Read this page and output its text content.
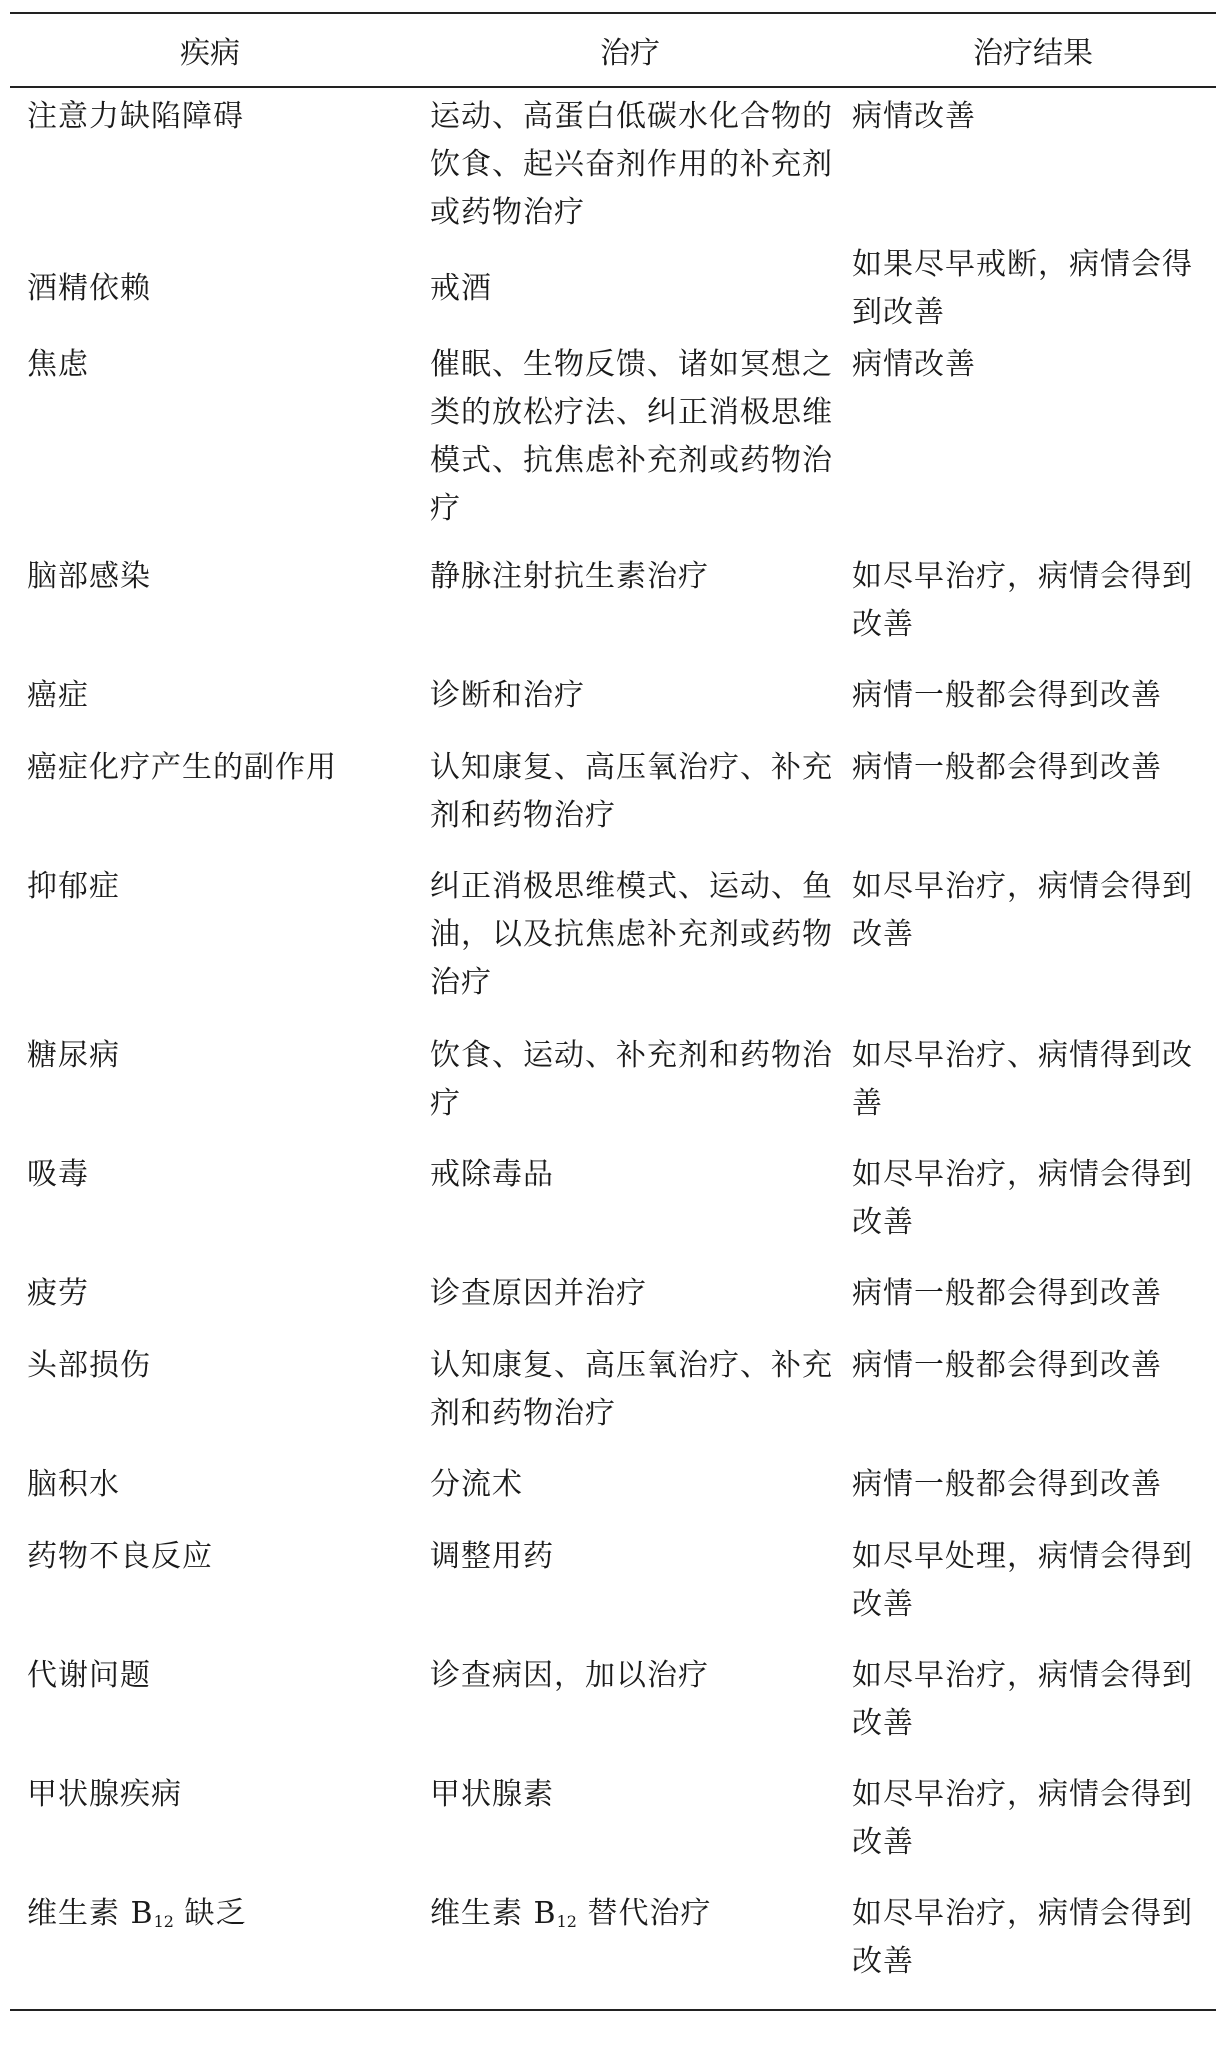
疾病	治疗	治疗结果
注意力缺陷障碍	运动、高蛋白低碳水化合物的饮食、起兴奋剂作用的补充剂或药物治疗	病情改善
酒精依赖	戒酒	如果尽早戒断，病情会得到改善
焦虑	催眠、生物反馈、诸如冥想之类的放松疗法、纠正消极思维模式、抗焦虑补充剂或药物治疗	病情改善
脑部感染	静脉注射抗生素治疗	如尽早治疗，病情会得到改善
癌症	诊断和治疗	病情一般都会得到改善
癌症化疗产生的副作用	认知康复、高压氧治疗、补充剂和药物治疗	病情一般都会得到改善
抑郁症	纠正消极思维模式、运动、鱼油，以及抗焦虑补充剂或药物治疗	如尽早治疗，病情会得到改善
糖尿病	饮食、运动、补充剂和药物治疗	如尽早治疗、病情得到改善
吸毒	戒除毒品	如尽早治疗，病情会得到改善
疲劳	诊查原因并治疗	病情一般都会得到改善
头部损伤	认知康复、高压氧治疗、补充剂和药物治疗	病情一般都会得到改善
脑积水	分流术	病情一般都会得到改善
药物不良反应	调整用药	如尽早处理，病情会得到改善
代谢问题	诊查病因，加以治疗	如尽早治疗，病情会得到改善
甲状腺疾病	甲状腺素	如尽早治疗，病情会得到改善
维生素 $B_{12}$ 缺乏	维生素 $B_{12}$ 替代治疗	如尽早治疗，病情会得到改善
